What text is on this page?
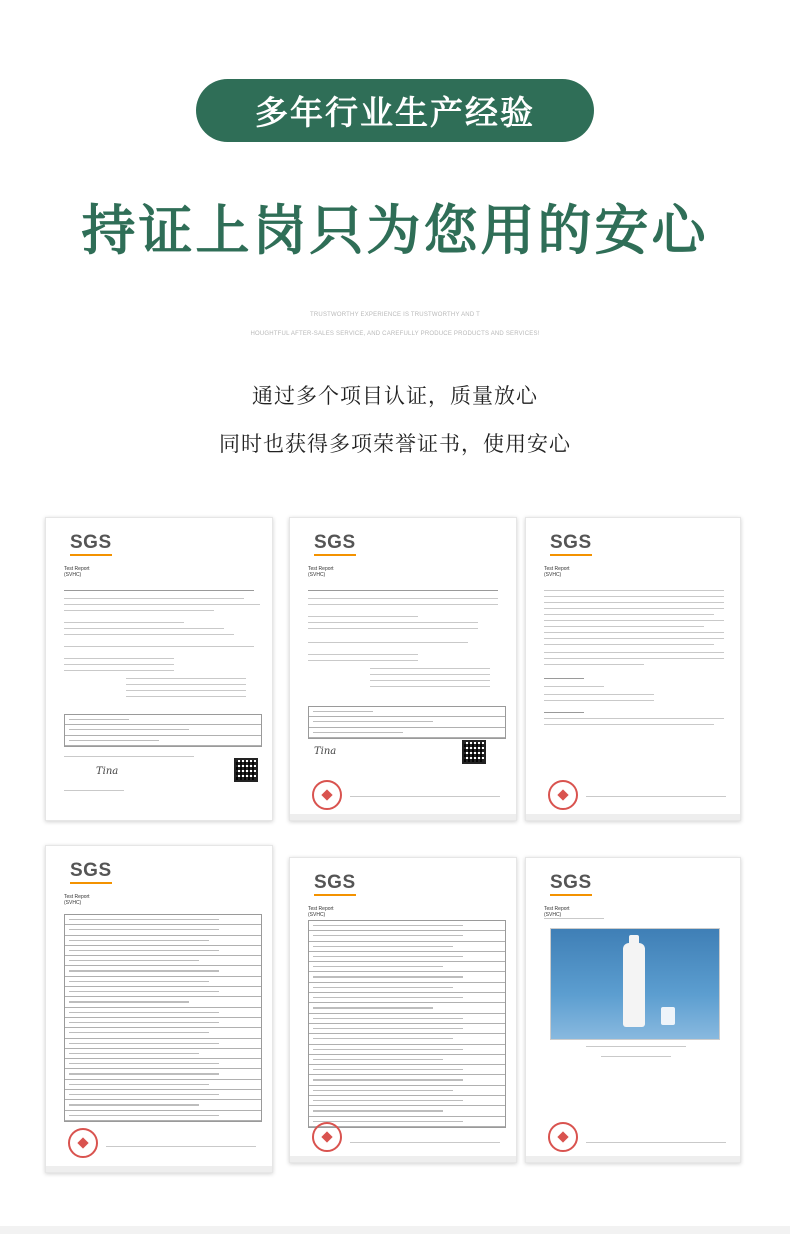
多年行业生产经验
持证上岗只为您用的安心
TRUSTWORTHY EXPERIENCE IS TRUSTWORTHY AND T
HOUGHTFUL AFTER-SALES SERVICE, AND CAREFULLY PRODUCE PRODUCTS AND SERVICES!
通过多个项目认证，质量放心
同时也获得多项荣誉证书，使用安心
SGS
Test Report
(SVHC)
Tina
SGS
Test Report
(SVHC)
Tina
SGS
Test Report
(SVHC)
SGS
Test Report
(SVHC)
SGS
Test Report
(SVHC)
SGS
Test Report
(SVHC)
